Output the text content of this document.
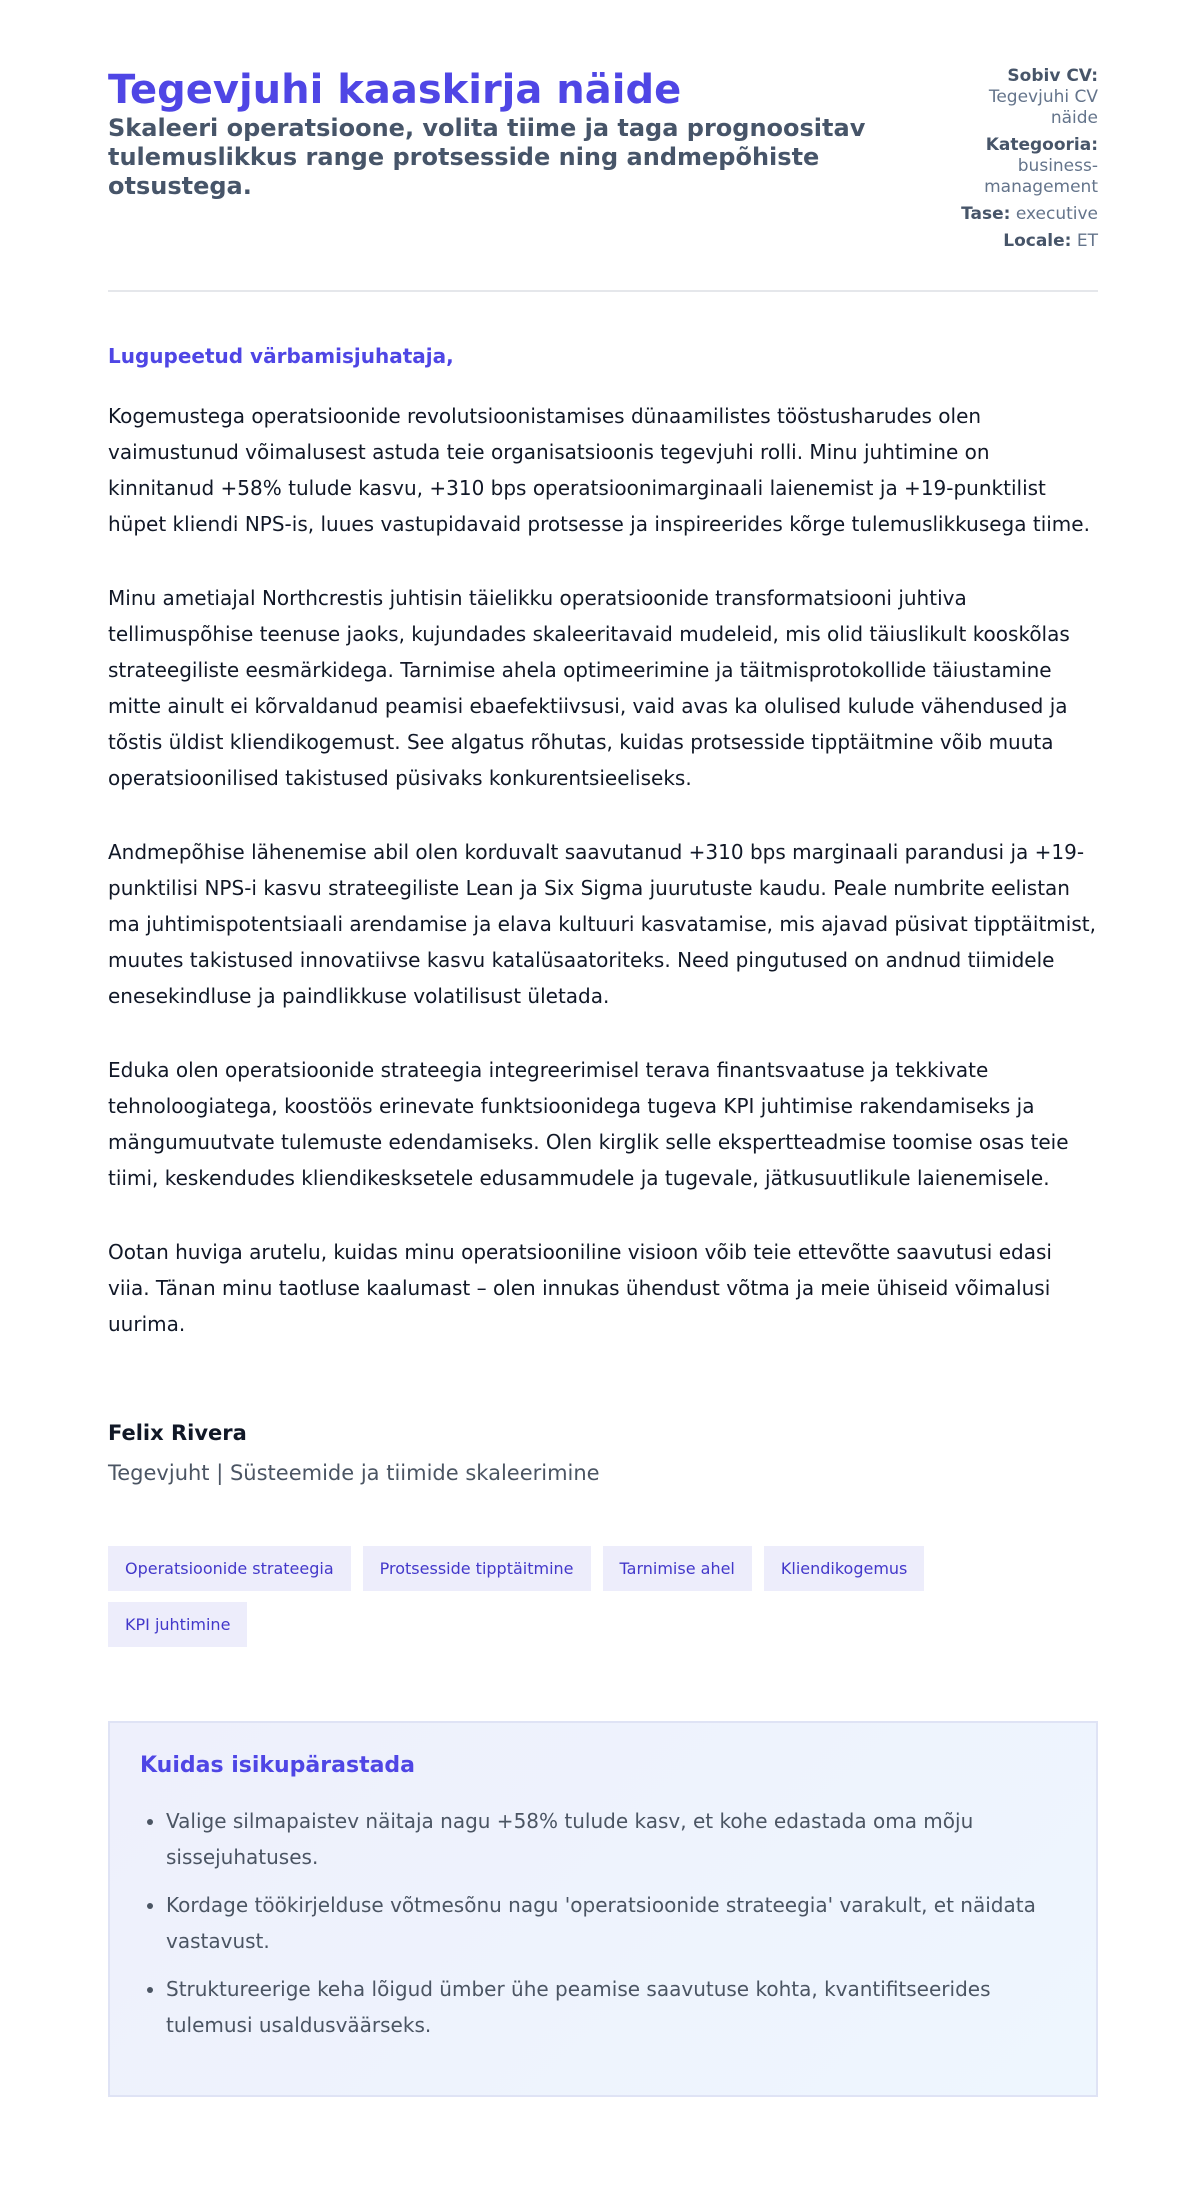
Tegevjuhi kaaskirja näide

Skaleeri operatsioone, volita tiime ja taga prognoositav tulemuslikkus range protsesside ning andmepõhiste otsustega.

Sobiv CV:
Tegevjuhi CV näide
Kategooria:
business-management
Tase: executive
Locale: ET

Lugupeetud värbamisjuhataja,

Kogemustega operatsioonide revolutsioonistamises dünaamilistes tööstusharudes olen vaimustunud võimalusest astuda teie organisatsioonis tegevjuhi rolli. Minu juhtimine on kinnitanud +58% tulude kasvu, +310 bps operatsioonimarginaali laienemist ja +19-punktilist hüpet kliendi NPS-is, luues vastupidavaid protsesse ja inspireerides kõrge tulemuslikkusega tiime.

Minu ametiajal Northcrestis juhtisin täielikku operatsioonide transformatsiooni juhtiva tellimuspõhise teenuse jaoks, kujundades skaleeritavaid mudeleid, mis olid täiuslikult kooskõlas strateegiliste eesmärkidega. Tarnimise ahela optimeerimine ja täitmisprotokollide täiustamine mitte ainult ei kõrvaldanud peamisi ebaefektiivsusi, vaid avas ka olulised kulude vähendused ja tõstis üldist kliendikogemust. See algatus rõhutas, kuidas protsesside tipptäitmine võib muuta operatsioonilised takistused püsivaks konkurentsieeliseks.

Andmepõhise lähenemise abil olen korduvalt saavutanud +310 bps marginaali parandusi ja +19-punktilisi NPS-i kasvu strateegiliste Lean ja Six Sigma juurutuste kaudu. Peale numbrite eelistan ma juhtimispotentsiaali arendamise ja elava kultuuri kasvatamise, mis ajavad püsivat tipptäitmist, muutes takistused innovatiivse kasvu katalüsaatoriteks. Need pingutused on andnud tiimidele enesekindluse ja paindlikkuse volatilisust ületada.

Eduka olen operatsioonide strateegia integreerimisel terava finantsvaatuse ja tekkivate tehnoloogiatega, koostöös erinevate funktsioonidega tugeva KPI juhtimise rakendamiseks ja mängumuutvate tulemuste edendamiseks. Olen kirglik selle ekspertteadmise toomise osas teie tiimi, keskendudes kliendikesksetele edusammudele ja tugevale, jätkusuutlikule laienemisele.

Ootan huviga arutelu, kuidas minu operatsiooniline visioon võib teie ettevõtte saavutusi edasi viia. Tänan minu taotluse kaalumast – olen innukas ühendust võtma ja meie ühiseid võimalusi uurima.

Felix Rivera

Tegevjuht | Süsteemide ja tiimide skaleerimine

Operatsioonide strateegia	Protsesside tipptäitmine	Tarnimise ahel	Kliendikogemus
KPI juhtimine
Kuidas isikupärastada
• Valige silmapaistev näitaja nagu +58% tulude kasv, et kohe edastada oma mõju sissejuhatuses.
• Kordage töökirjelduse võtmesõnu nagu 'operatsioonide strateegia' varakult, et näidata vastavust.
• Struktureerige keha lõigud ümber ühe peamise saavutuse kohta, kvantifitseerides tulemusi usaldusväärseks.
